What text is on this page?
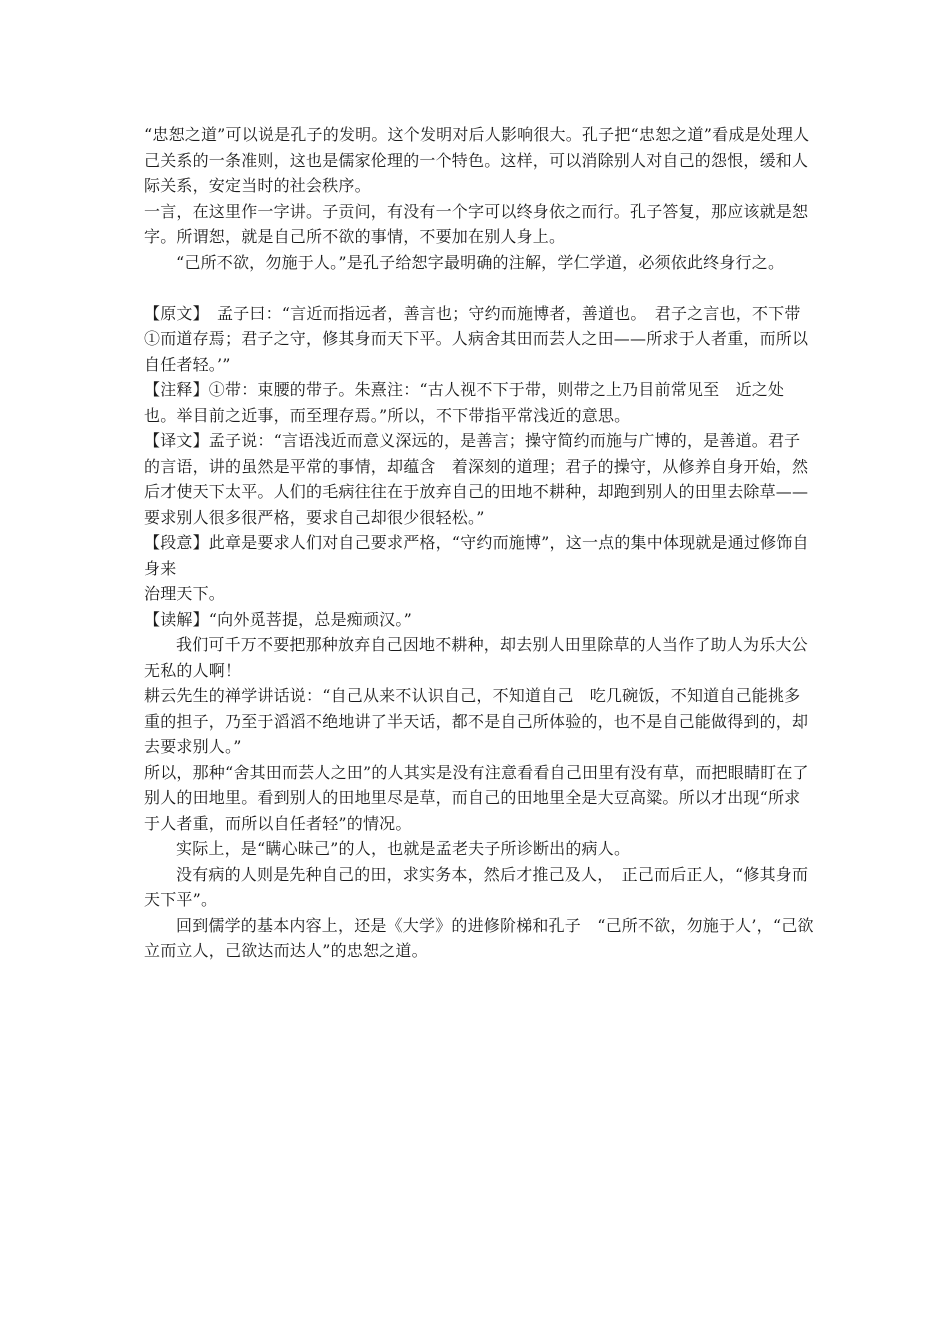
“忠恕之道”可以说是孔子的发明。这个发明对后人影响很大。孔子把“忠恕之道”看成是处理人己关系的一条准则，这也是儒家伦理的一个特色。这样，可以消除别人对自己的怨恨，缓和人际关系，安定当时的社会秩序。

一言，在这里作一字讲。子贡问，有没有一个字可以终身依之而行。孔子答复，那应该就是恕字。所谓恕，就是自己所不欲的事情，不要加在别人身上。

“己所不欲，勿施于人。”是孔子给恕字最明确的注解，学仁学道，必须依此终身行之。

【原文】　孟子曰：“言近而指远者，善言也；守约而施博者，善道也。　君子之言也，不下带①而道存焉；君子之守，修其身而天下平。人病舍其田而芸人之田——所求于人者重，而所以自任者轻。’”

【注释】①带：束腰的带子。朱熹注：“古人视不下于带，则带之上乃目前常见至　近之处也。举目前之近事，而至理存焉。”所以，不下带指平常浅近的意思。

【译文】孟子说：“言语浅近而意义深远的，是善言；操守简约而施与广博的，是善道。君子的言语，讲的虽然是平常的事情，却蕴含　着深刻的道理；君子的操守，从修养自身开始，然后才使天下太平。人们的毛病往往在于放弃自己的田地不耕种，却跑到别人的田里去除草——要求别人很多很严格，要求自己却很少很轻松。”

【段意】此章是要求人们对自己要求严格，“守约而施博”，这一点的集中体现就是通过修饰自身来

治理天下。

【读解】“向外觅菩提，总是痴顽汉。”

我们可千万不要把那种放弃自己因地不耕种，却去别人田里除草的人当作了助人为乐大公无私的人啊！

耕云先生的禅学讲话说：“自己从来不认识自己，不知道自己　吃几碗饭，不知道自己能挑多重的担子，乃至于滔滔不绝地讲了半天话，都不是自己所体验的，也不是自己能做得到的，却去要求别人。”

所以，那种“舍其田而芸人之田”的人其实是没有注意看看自己田里有没有草，而把眼睛盯在了别人的田地里。看到别人的田地里尽是草，而自己的田地里全是大豆高粱。所以才出现“所求于人者重，而所以自任者轻”的情况。

实际上，是“瞒心昧己”的人，也就是孟老夫子所诊断出的病人。

没有病的人则是先种自己的田，求实务本，然后才推己及人，　正己而后正人，“修其身而天下平”。

回到儒学的基本内容上，还是《大学》的进修阶梯和孔子　“己所不欲，勿施于人’，“己欲立而立人，己欲达而达人”的忠恕之道。
